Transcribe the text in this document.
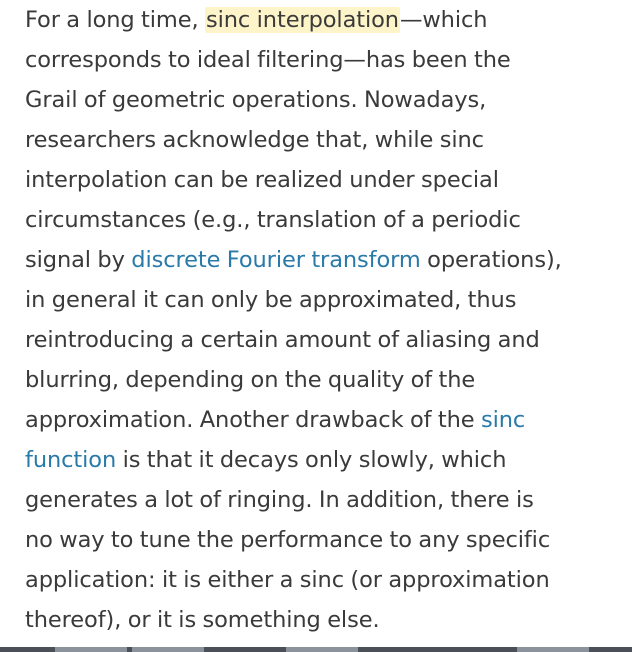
For a long time, sinc interpolation—which
corresponds to ideal filtering—has been the
Grail of geometric operations. Nowadays,
researchers acknowledge that, while sinc
interpolation can be realized under special
circumstances (e.g., translation of a periodic
signal by discrete Fourier transform operations),
in general it can only be approximated, thus
reintroducing a certain amount of aliasing and
blurring, depending on the quality of the
approximation. Another drawback of the sinc
function is that it decays only slowly, which
generates a lot of ringing. In addition, there is
no way to tune the performance to any specific
application: it is either a sinc (or approximation
thereof), or it is something else.
